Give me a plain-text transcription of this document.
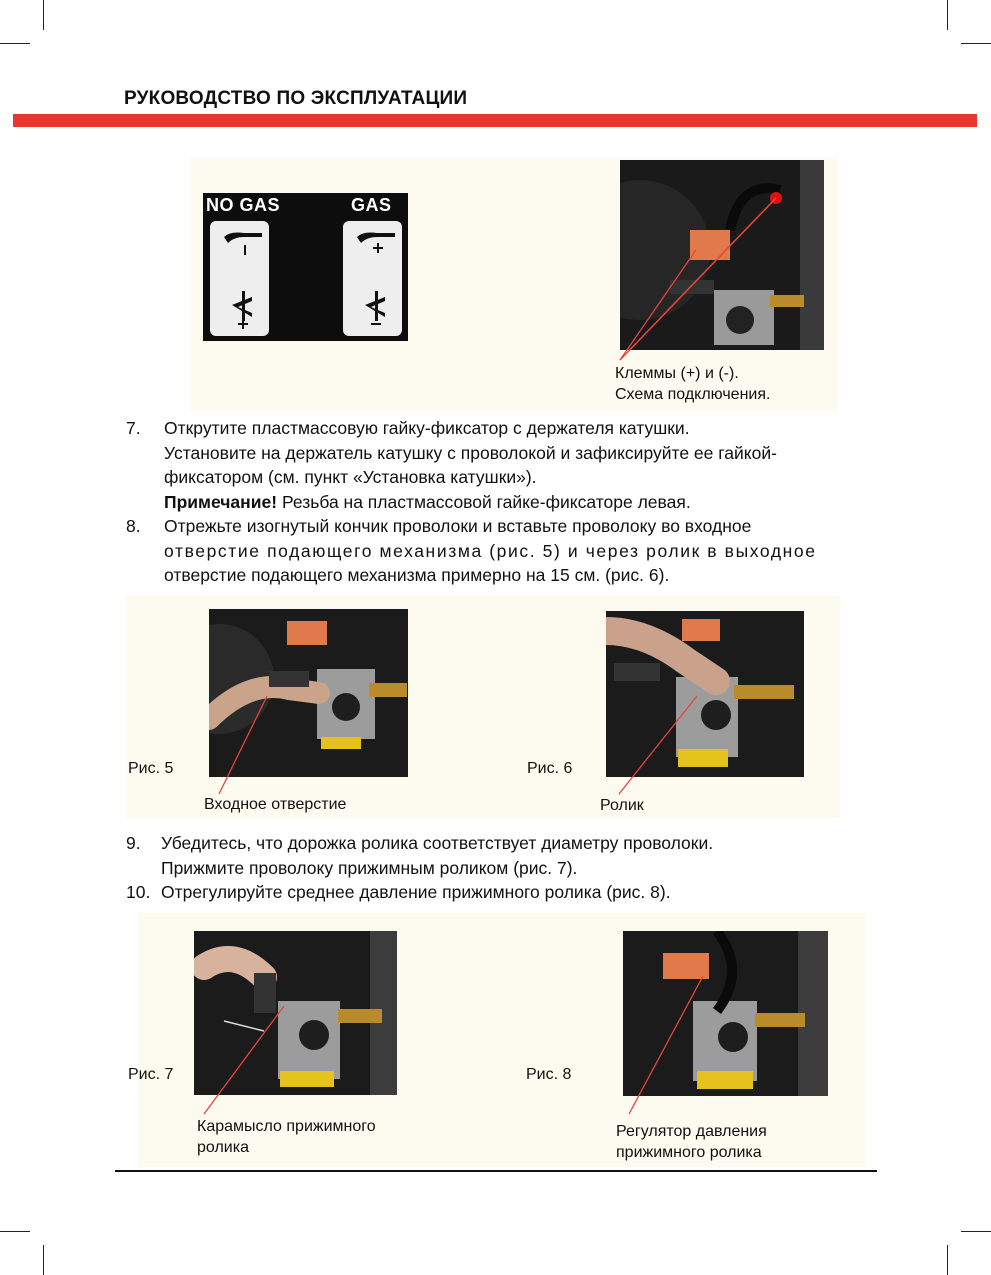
РУКОВОДСТВО ПО ЭКСПЛУАТАЦИИ
NO GAS	GAS
Клеммы (+) и (-).
Схема подключения.
7. Открутите пластмассовую гайку-фиксатор с держателя катушки.

Установите на держатель катушку с проволокой и зафиксируйте ее гайкой-

фиксатором (см. пункт «Установка катушки»).

Примечание! Резьба на пластмассовой гайке-фиксаторе левая.

8. Отрежьте изогнутый кончик проволоки и вставьте проволоку во входное

отверстие подающего механизма (рис. 5) и через ролик в выходное

отверстие подающего механизма примерно на 15 см. (рис. 6).

Рис. 5	Рис. 6
Входное отверстие	Ролик
9. Убедитесь, что дорожка ролика соответствует диаметру проволоки.

Прижмите проволоку прижимным роликом (рис. 7).

10. Отрегулируйте среднее давление прижимного ролика (рис. 8).

Рис. 7	Рис. 8
Карамысло прижимного
ролика
Регулятор давления
прижимного ролика
